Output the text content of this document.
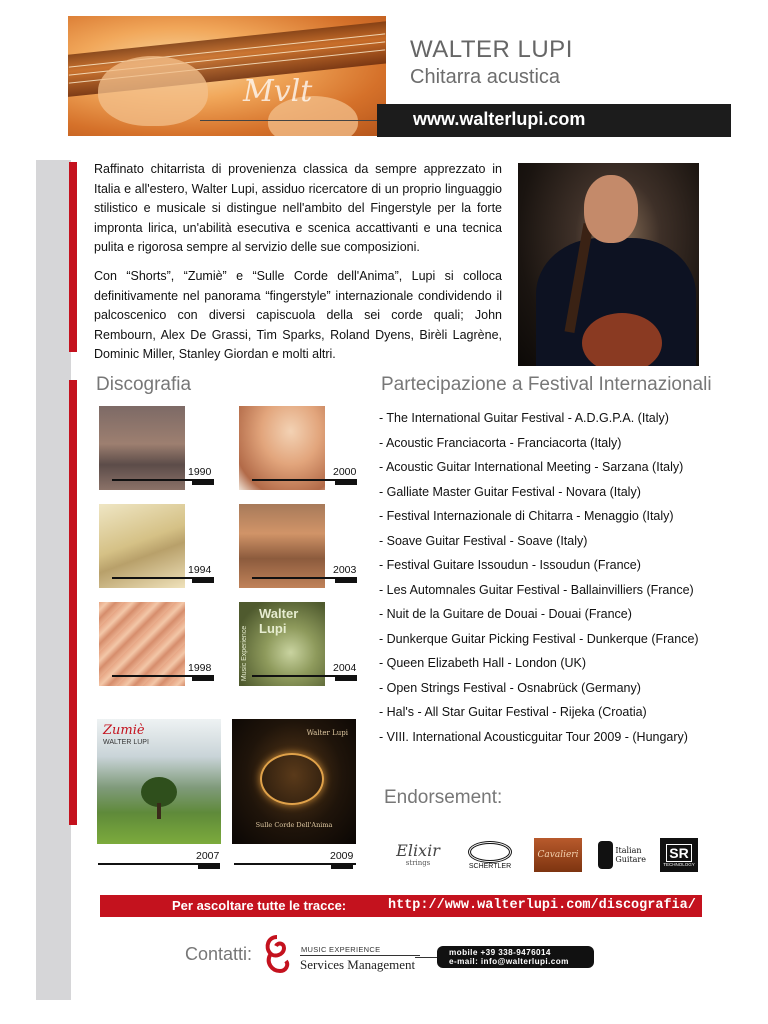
Mvlt
WALTER LUPI
Chitarra acustica
www.walterlupi.com

Raffinato chitarrista di provenienza classica da sempre apprezzato in Italia e all'estero, Walter Lupi, assiduo ricercatore di un proprio linguaggio stilistico e musicale si distingue nell'ambito del Fingerstyle per la forte impronta lirica, un'abilità esecutiva e scenica accattivanti e una tecnica pulita e rigorosa sempre al servizio delle sue composizioni.

Con “Shorts”, “Zumiè” e “Sulle Corde dell'Anima”, Lupi si colloca definitivamente nel panorama “fingerstyle” internazionale condividendo il palcoscenico con diversi capiscuola della sei corde quali; John Rembourn, Alex De Grassi, Tim Sparks, Roland Dyens, Birèli Lagrène, Dominic Miller, Stanley Giordan e molti altri.

Discografia	Partecipazione a Festival Internazionali
Endorsement:
1990	2000
1994	2003
1998
Walter Lupi
Music Experience	2004
Zumiè
WALTER LUPI
2007
Walter Lupi
Sulle Corde Dell'Anima
2009
- The International Guitar Festival - A.D.G.P.A. (Italy)
- Acoustic Franciacorta - Franciacorta (Italy)
- Acoustic Guitar International Meeting - Sarzana (Italy)
- Galliate Master Guitar Festival - Novara (Italy)
- Festival Internazionale di Chitarra - Menaggio (Italy)
- Soave Guitar Festival - Soave (Italy)
- Festival Guitare Issoudun - Issoudun (France)
- Les Automnales Guitar Festival - Ballainvilliers (France)
- Nuit de la Guitare de Douai - Douai (France)
- Dunkerque Guitar Picking Festival - Dunkerque (France)
- Queen Elizabeth Hall - London (UK)
- Open Strings Festival - Osnabrück (Germany)
- Hal's - All Star Guitar Festival - Rijeka (Croatia)
- VIII. International Acousticguitar Tour 2009 - (Hungary)
Elixir
strings	SCHERTLER
Cavalieri	Italian
Guitare SR
TECHNOLOGY
Per ascoltare tutte le tracce:	http://www.walterlupi.com/discografia/
Contatti:	MUSIC EXPERIENCE
Services Management
mobile +39 338-9476014
e-mail: info@walterlupi.com
